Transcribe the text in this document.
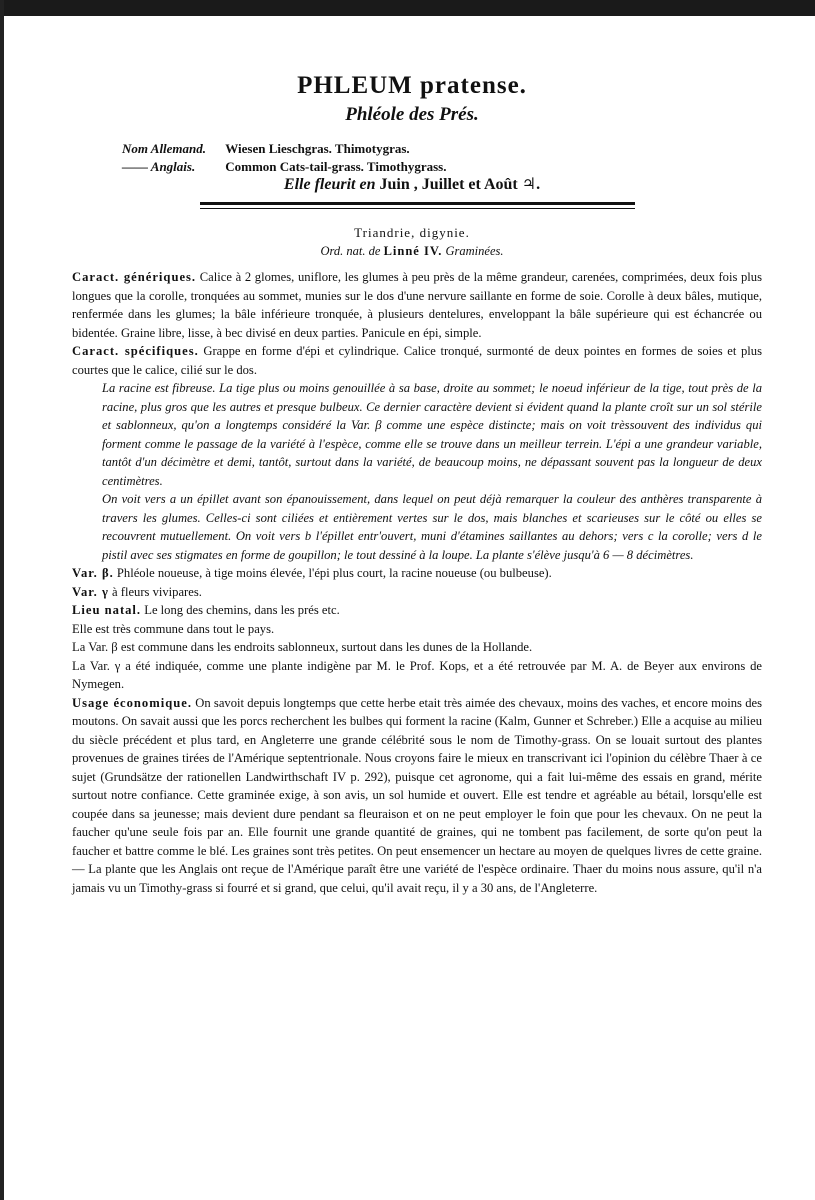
PHLEUM pratense.
Phléole des Prés.
Nom Allemand. Wiesen Lieschgras. Thimotygras.
—— Anglais. Common Cats-tail-grass. Timothygrass.
Elle fleurit en Juin , Juillet et Août ♃.
Triandrie, digynie.
Ord. nat. de Linné IV. Graminées.

Caract. génériques. Calice à 2 glomes, uniflore, les glumes à peu près de la même grandeur, carenées, comprimées, deux fois plus longues que la corolle, tronquées au sommet, munies sur le dos d'une nervure saillante en forme de soie. Corolle à deux bâles, mutique, renfermée dans les glumes; la bâle inférieure tronquée, à plusieurs dentelures, enveloppant la bâle supérieure qui est échancrée ou bidentée. Graine libre, lisse, à bec divisé en deux parties. Panicule en épi, simple.

Caract. spécifiques. Grappe en forme d'épi et cylindrique. Calice tronqué, surmonté de deux pointes en formes de soies et plus courtes que le calice, cilié sur le dos.

La racine est fibreuse. La tige plus ou moins genouillée à sa base, droite au sommet; le noeud inférieur de la tige, tout près de la racine, plus gros que les autres et presque bulbeux. Ce dernier caractère devient si évident quand la plante croît sur un sol stérile et sablonneux, qu'on a longtemps considéré la Var. β comme une espèce distincte; mais on voit trèssouvent des individus qui forment comme le passage de la variété à l'espèce, comme elle se trouve dans un meilleur terrein. L'épi a une grandeur variable, tantôt d'un décimètre et demi, tantôt, surtout dans la variété, de beaucoup moins, ne dépassant souvent pas la longueur de deux centimètres.

On voit vers a un épillet avant son épanouissement, dans lequel on peut déjà remarquer la couleur des anthères transparente à travers les glumes. Celles-ci sont ciliées et entièrement vertes sur le dos, mais blanches et scarieuses sur le côté ou elles se recouvrent mutuellement. On voit vers b l'épillet entr'ouvert, muni d'étamines saillantes au dehors; vers c la corolle; vers d le pistil avec ses stigmates en forme de goupillon; le tout dessiné à la loupe. La plante s'élève jusqu'à 6 — 8 décimètres.

Var. β. Phléole noueuse, à tige moins élevée, l'épi plus court, la racine noueuse (ou bulbeuse).

Var. γ à fleurs vivipares.

Lieu natal. Le long des chemins, dans les prés etc.

Elle est très commune dans tout le pays.

La Var. β est commune dans les endroits sablonneux, surtout dans les dunes de la Hollande.

La Var. γ a été indiquée, comme une plante indigène par M. le Prof. Kops, et a été retrouvée par M. A. de Beyer aux environs de Nymegen.

Usage économique. On savoit depuis longtemps que cette herbe etait très aimée des chevaux, moins des vaches, et encore moins des moutons. On savait aussi que les porcs recherchent les bulbes qui forment la racine (Kalm, Gunner et Schreber.) Elle a acquise au milieu du siècle précédent et plus tard, en Angleterre une grande célébrité sous le nom de Timothy-grass. On se louait surtout des plantes provenues de graines tirées de l'Amérique septentrionale. Nous croyons faire le mieux en transcrivant ici l'opinion du célèbre Thaer à ce sujet (Grundsätze der rationellen Landwirthschaft IV p. 292), puisque cet agronome, qui a fait lui-même des essais en grand, mérite surtout notre confiance. Cette graminée exige, à son avis, un sol humide et ouvert. Elle est tendre et agréable au bétail, lorsqu'elle est coupée dans sa jeunesse; mais devient dure pendant sa fleuraison et on ne peut employer le foin que pour les chevaux. On ne peut la faucher qu'une seule fois par an. Elle fournit une grande quantité de graines, qui ne tombent pas facilement, de sorte qu'on peut la faucher et battre comme le blé. Les graines sont très petites. On peut ensemencer un hectare au moyen de quelques livres de cette graine. — La plante que les Anglais ont reçue de l'Amérique paraît être une variété de l'espèce ordinaire. Thaer du moins nous assure, qu'il n'a jamais vu un Timothy-grass si fourré et si grand, que celui, qu'il avait reçu, il y a 30 ans, de l'Angleterre.
